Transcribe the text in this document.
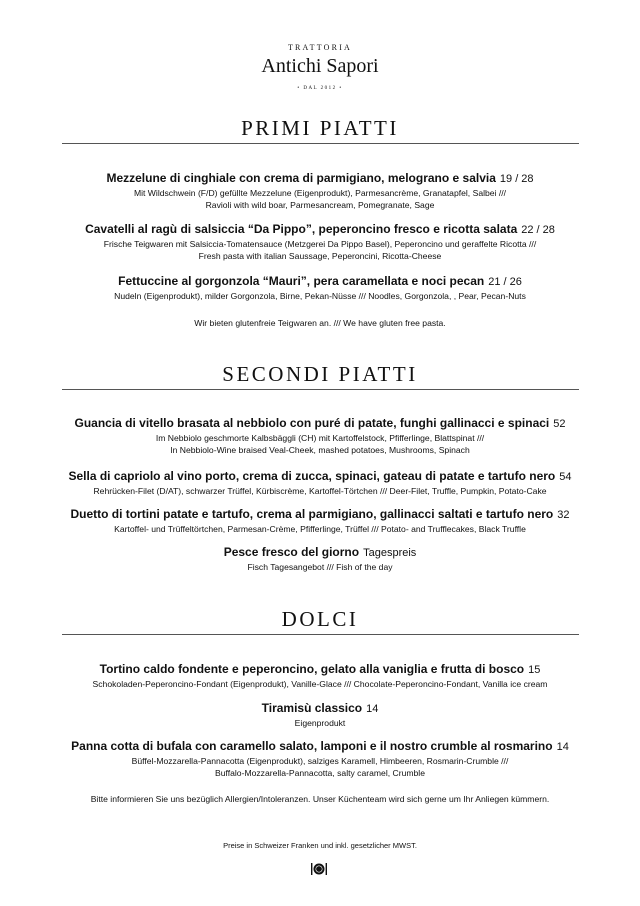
TRATTORIA
Antichi Sapori
• DAL 2012 •
PRIMI PIATTI
Mezzelune di cinghiale con crema di parmigiano, melograno e salvia 19 / 28
Mit Wildschwein (F/D) gefüllte Mezzelune (Eigenprodukt), Parmesancrème, Granatapfel, Salbei ///
Ravioli with wild boar, Parmesancream, Pomegranate, Sage
Cavatelli al ragù di salsiccia “Da Pippo”, peperoncino fresco e ricotta salata 22 / 28
Frische Teigwaren mit Salsiccia-Tomatensauce (Metzgerei Da Pippo Basel), Peperoncino und geraffelte Ricotta ///
Fresh pasta with italian Saussage, Peperoncini, Ricotta-Cheese
Fettuccine al gorgonzola “Mauri”, pera caramellata e noci pecan 21 / 26
Nudeln (Eigenprodukt), milder Gorgonzola, Birne, Pekan-Nüsse /// Noodles, Gorgonzola, , Pear, Pecan-Nuts
Wir bieten glutenfreie Teigwaren an. /// We have gluten free pasta.
SECONDI PIATTI
Guancia di vitello brasata al nebbiolo con puré di patate, funghi gallinacci e spinaci 52
Im Nebbiolo geschmorte Kalbsbäggli (CH) mit Kartoffelstock, Pfifferlinge, Blattspinat ///
In Nebbiolo-Wine braised Veal-Cheek, mashed potatoes, Mushrooms, Spinach
Sella di capriolo al vino porto, crema di zucca, spinaci, gateau di patate e tartufo nero 54
Rehrücken-Filet (D/AT), schwarzer Trüffel, Kürbiscrème, Kartoffel-Törtchen /// Deer-Filet, Truffle, Pumpkin, Potato-Cake
Duetto di tortini patate e tartufo, crema al parmigiano, gallinacci saltati e tartufo nero 32
Kartoffel- und Trüffeltörtchen, Parmesan-Crème, Pfifferlinge, Trüffel /// Potato- and Trufflecakes, Black Truffle
Pesce fresco del giorno Tagespreis
Fisch Tagesangebot /// Fish of the day
DOLCI
Tortino caldo fondente e peperoncino, gelato alla vaniglia e frutta di bosco 15
Schokoladen-Peperoncino-Fondant (Eigenprodukt), Vanille-Glace /// Chocolate-Peperoncino-Fondant, Vanilla ice cream
Tiramisù classico 14
Eigenprodukt
Panna cotta di bufala con caramello salato, lamponi e il nostro crumble al rosmarino 14
Büffel-Mozzarella-Pannacotta (Eigenprodukt), salziges Karamell, Himbeeren, Rosmarin-Crumble ///
Buffalo-Mozzarella-Pannacotta, salty caramel, Crumble
Bitte informieren Sie uns bezüglich Allergien/Intoleranzen. Unser Küchenteam wird sich gerne um Ihr Anliegen kümmern.
Preise in Schweizer Franken und inkl. gesetzlicher MWST.
